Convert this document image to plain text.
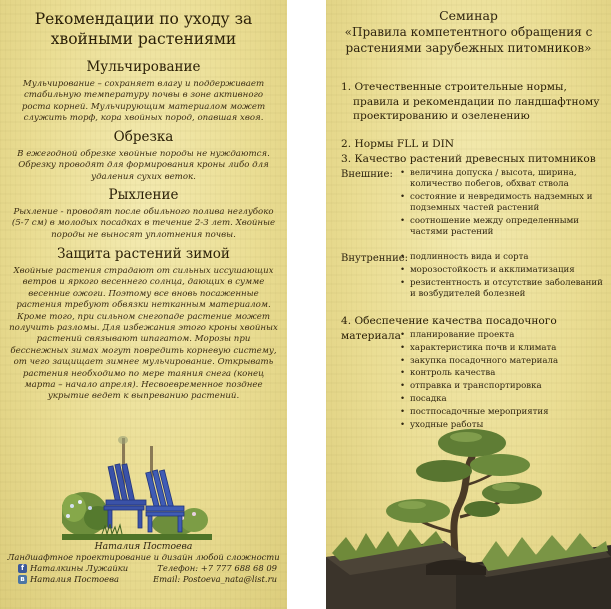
Рекомендации по уходу за
хвойными растениями
Мульчирование

Мульчирование – сохраняет влагу и поддерживает стабильную температуру почвы в зоне активного роста корней. Мульчирующим материалом может служить торф, кора хвойных пород, опавшая хвоя.

Обрезка

В ежегодной обрезке хвойные породы не нуждаются. Обрезку проводят для формирования кроны либо для удаления сухих веток.

Рыхление

Рыхление - проводят после обильного полива неглубоко (5-7 см) в молодых посадках в течение 2-3 лет. Хвойные породы не выносят уплотнения почвы.

Защита растений зимой

Хвойные растения страдают от сильных иссушающих ветров и яркого весеннего солнца, дающих в сумме весенние ожоги. Поэтому все вновь посаженные растения требуют обвязки нетканным материалом. Кроме того, при сильном снегопаде растение может получить разломы. Для избежания этого кроны хвойных растений связывают шпагатом. Морозы при бесснежных зимах могут повредить корневую систему, от чего защищает зимнее мульчирование. Открывать растения необходимо по мере таяния снега (конец марта – начало апреля). Несвоевременное позднее укрытие ведет к выпреванию растений.

Наталия Постоева
Ландшафтное проектирование и дизайн любой сложности
f Наталкины Лужайки	Телефон: +7 777 688 68 09
в Наталия Постоева	Email: Postoeva_nata@list.ru
Семинар
«Правила компетентного обращения с
растениями зарубежных питомников»
1. Отечественные строительные нормы,
правила и рекомендации по ландшафтному
проектированию и озеленению
2. Нормы FLL и DIN
3. Качество растений древесных питомников
Внешние:	• величина допуска / высота, ширина, количество побегов, обхват ствола
• состояние и невредимость надземных и подземных частей растений
• соотношение между определенными частями растений
Внутренние: • подлинность вида и сорта
• морозостойкость и акклиматизация
• резистентность и отсутствие заболеваний и возбудителей болезней
4. Обеспечение качества посадочного материала	• планирование проекта
• характеристика почв и климата
• закупка посадочного материала
• контроль качества
• отправка и транспортировка
• посадка
• постпосадочные мероприятия
• уходные работы
